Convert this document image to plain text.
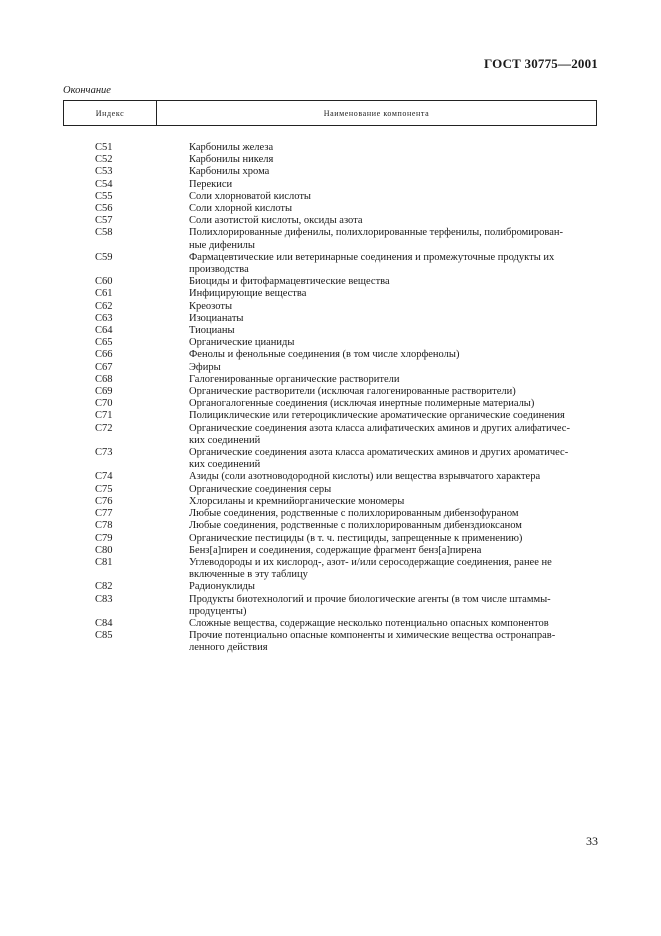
ГОСТ 30775—2001
Окончание
Индекс	Наименование компонента
C51	Карбонилы железа
C52	Карбонилы никеля
C53	Карбонилы хрома
C54	Перекиси
C55	Соли хлорноватой кислоты
C56	Соли хлорной кислоты
C57	Соли азотистой кислоты, оксиды азота
C58	Полихлорированные дифенилы, полихлорированные терфенилы, полибромирован-
ные дифенилы
C59	Фармацевтические или ветеринарные соединения и промежуточные продукты их
производства
C60	Биоциды и фитофармацевтические вещества
C61	Инфицирующие вещества
C62	Креозоты
C63	Изоцианаты
C64	Тиоцианы
C65	Органические цианиды
C66	Фенолы и фенольные соединения (в том числе хлорфенолы)
C67	Эфиры
C68	Галогенированные органические растворители
C69	Органические растворители (исключая галогенированные растворители)
C70	Органогалогенные соединения (исключая инертные полимерные материалы)
C71	Полициклические или гетероциклические ароматические органические соединения
C72	Органические соединения азота класса алифатических аминов и других алифатичес-
ких соединений
C73	Органические соединения азота класса ароматических аминов и других ароматичес-
ких соединений
C74	Азиды (соли азотноводородной кислоты) или вещества взрывчатого характера
C75	Органические соединения серы
C76	Хлорсиланы и кремнийорганические мономеры
C77	Любые соединения, родственные с полихлорированным дибензофураном
C78	Любые соединения, родственные с полихлорированным дибенздиоксаном
C79	Органические пестициды (в т. ч. пестициды, запрещенные к применению)
C80	Бенз[а]пирен и соединения, содержащие фрагмент бенз[а]пирена
C81	Углеводороды и их кислород-, азот- и/или серосодержащие соединения, ранее не
включенные в эту таблицу
C82	Радионуклиды
C83	Продукты биотехнологий и прочие биологические агенты (в том числе штаммы-
продуценты)
C84	Сложные вещества, содержащие несколько потенциально опасных компонентов
C85	Прочие потенциально опасные компоненты и химические вещества остронаправ-
ленного действия
33
